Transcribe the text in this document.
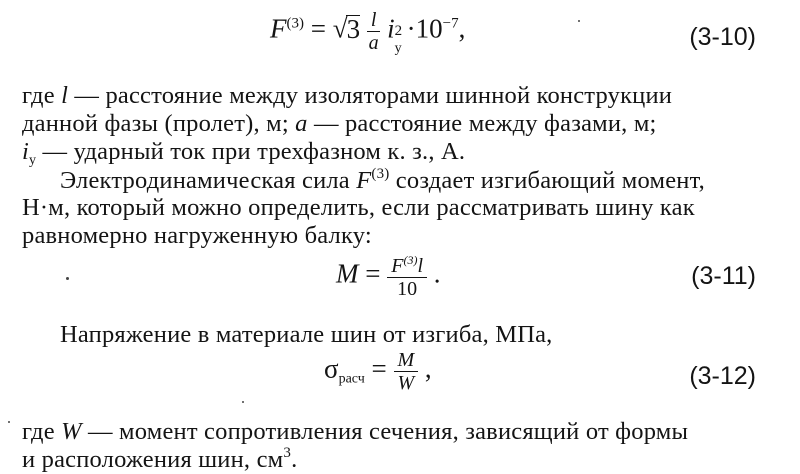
$F^{(3)} = √3 \frac{l}{a}$ i 2
у
$\cdot 10^{-7}$,	(3-10)
где l — расстояние между изоляторами шинной конструкции
данной фазы (пролет), м; a — расстояние между фазами, м;
$i_у$ — ударный ток при трехфазном к. з., А.
Электродинамическая сила $F^{(3)}$ создает изгибающий момент,
Н·м, который можно определить, если рассматривать шину как
равномерно нагруженную балку:
$M = \frac{F^{(3)}l}{10}$ .	(3-11)
Напряжение в материале шин от изгиба, МПа,
$\sigma_{расч} = \frac{M}{W}$ ,	(3-12)
где W — момент сопротивления сечения, зависящий от формы
и расположения шин, $см^3$.
